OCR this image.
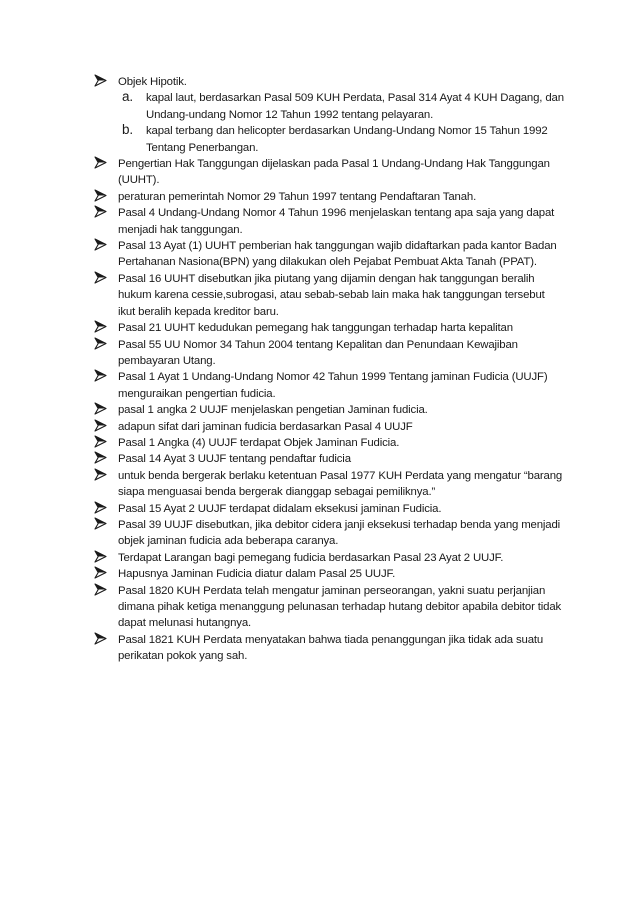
Objek Hipotik.
a. kapal laut, berdasarkan Pasal 509 KUH Perdata, Pasal 314 Ayat 4 KUH Dagang, dan Undang-undang Nomor 12 Tahun 1992 tentang pelayaran.
b. kapal terbang dan helicopter berdasarkan Undang-Undang Nomor 15 Tahun 1992 Tentang Penerbangan.
Pengertian Hak Tanggungan dijelaskan pada Pasal 1 Undang-Undang Hak Tanggungan (UUHT).
peraturan pemerintah Nomor 29 Tahun 1997 tentang Pendaftaran Tanah.
Pasal 4 Undang-Undang Nomor 4 Tahun 1996 menjelaskan tentang apa saja yang dapat menjadi hak tanggungan.
Pasal 13 Ayat (1) UUHT pemberian hak tanggungan wajib didaftarkan pada kantor Badan Pertahanan Nasiona(BPN) yang dilakukan oleh Pejabat Pembuat Akta Tanah (PPAT).
Pasal 16 UUHT disebutkan jika piutang yang dijamin dengan hak tanggungan beralih hukum karena cessie,subrogasi, atau sebab-sebab lain maka hak tanggungan tersebut ikut beralih kepada kreditor baru.
Pasal 21 UUHT kedudukan pemegang hak tanggungan terhadap harta kepalitan
Pasal 55 UU Nomor 34 Tahun 2004 tentang Kepalitan dan Penundaan Kewajiban pembayaran Utang.
Pasal 1 Ayat 1 Undang-Undang Nomor 42 Tahun 1999 Tentang jaminan Fudicia (UUJF) menguraikan pengertian fudicia.
pasal 1 angka 2 UUJF menjelaskan pengetian Jaminan fudicia.
adapun sifat dari jaminan fudicia berdasarkan Pasal 4 UUJF
Pasal 1 Angka (4) UUJF terdapat Objek Jaminan Fudicia.
Pasal 14 Ayat 3 UUJF tentang pendaftar fudicia
untuk benda bergerak berlaku ketentuan Pasal 1977 KUH Perdata yang mengatur “barang siapa menguasai benda bergerak dianggap sebagai pemiliknya.”
Pasal 15 Ayat 2 UUJF terdapat didalam eksekusi jaminan Fudicia.
Pasal 39 UUJF disebutkan, jika debitor cidera janji eksekusi terhadap benda yang menjadi objek jaminan fudicia ada beberapa caranya.
Terdapat Larangan bagi pemegang fudicia berdasarkan Pasal 23 Ayat 2 UUJF.
Hapusnya Jaminan Fudicia diatur dalam Pasal 25 UUJF.
Pasal 1820 KUH Perdata telah mengatur jaminan perseorangan, yakni suatu perjanjian dimana pihak ketiga menanggung pelunasan terhadap hutang debitor apabila debitor tidak dapat melunasi hutangnya.
Pasal 1821 KUH Perdata menyatakan bahwa tiada penanggungan jika tidak ada suatu perikatan pokok yang sah.
